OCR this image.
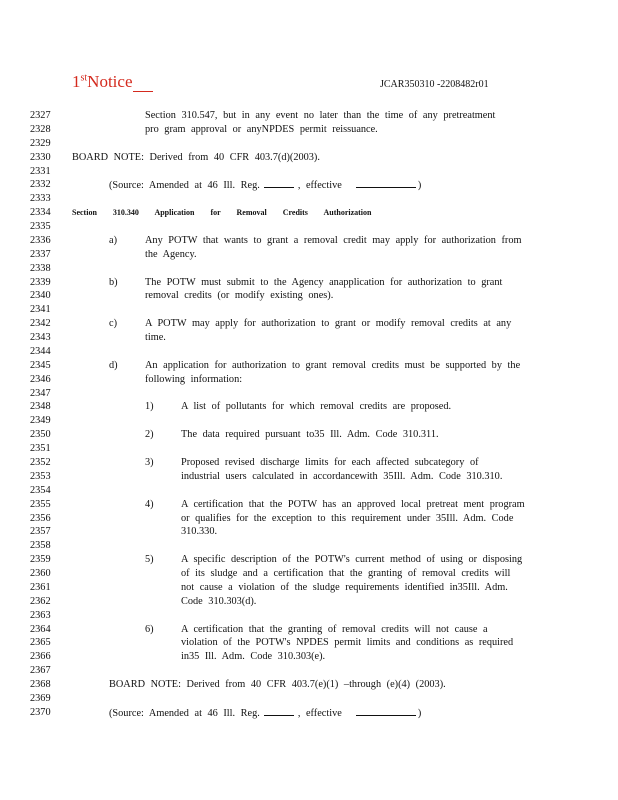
1stNotice	JCAR350310 -2208482r01
2327	Section 310.547, but in any event no later than the time of any pretreatment
2328	pro gram approval or anyNPDES permit reissuance.
2329
2330 BOARD NOTE: Derived from 40 CFR 403.7(d)(2003).
2331
2332	(Source: Amended at 46 Ill. Reg.	, effective	)
2333
2334	Section 310.340 Application for Removal Credits Authorization
2335
2336	a)	Any POTW that wants to grant a removal credit may apply for authorization from
2337	the Agency.
2338
2339	b)	The POTW must submit to the Agency anapplication for authorization to grant
2340	removal credits (or modify existing ones).
2341
2342	c)	A POTW may apply for authorization to grant or modify removal credits at any
2343	time.
2344
2345	d)	An application for authorization to grant removal credits must be supported by the
2346	following information:
2347
2348	1)	A list of pollutants for which removal credits are proposed.
2349
2350	2)	The data required pursuant to35 Ill. Adm. Code 310.311.
2351
2352	3)	Proposed revised discharge limits for each affected subcategory of
2353	industrial users calculated in accordancewith 35Ill. Adm. Code 310.310.
2354
2355	4)	A certification that the POTW has an approved local pretreat ment program
2356	or qualifies for the exception to this requirement under 35Ill. Adm. Code
2357	310.330.
2358
2359	5)	A specific description of the POTW's current method of using or disposing
2360	of its sludge and a certification that the granting of removal credits will
2361	not cause a violation of the sludge requirements identified in35Ill. Adm.
2362	Code 310.303(d).
2363
2364	6)	A certification that the granting of removal credits will not cause a
2365	violation of the POTW's NPDES permit limits and conditions as required
2366	in35 Ill. Adm. Code 310.303(e).
2367
2368	BOARD NOTE: Derived from 40 CFR 403.7(e)(1) –through (e)(4) (2003).
2369
2370	(Source: Amended at 46 Ill. Reg.	, effective	)
